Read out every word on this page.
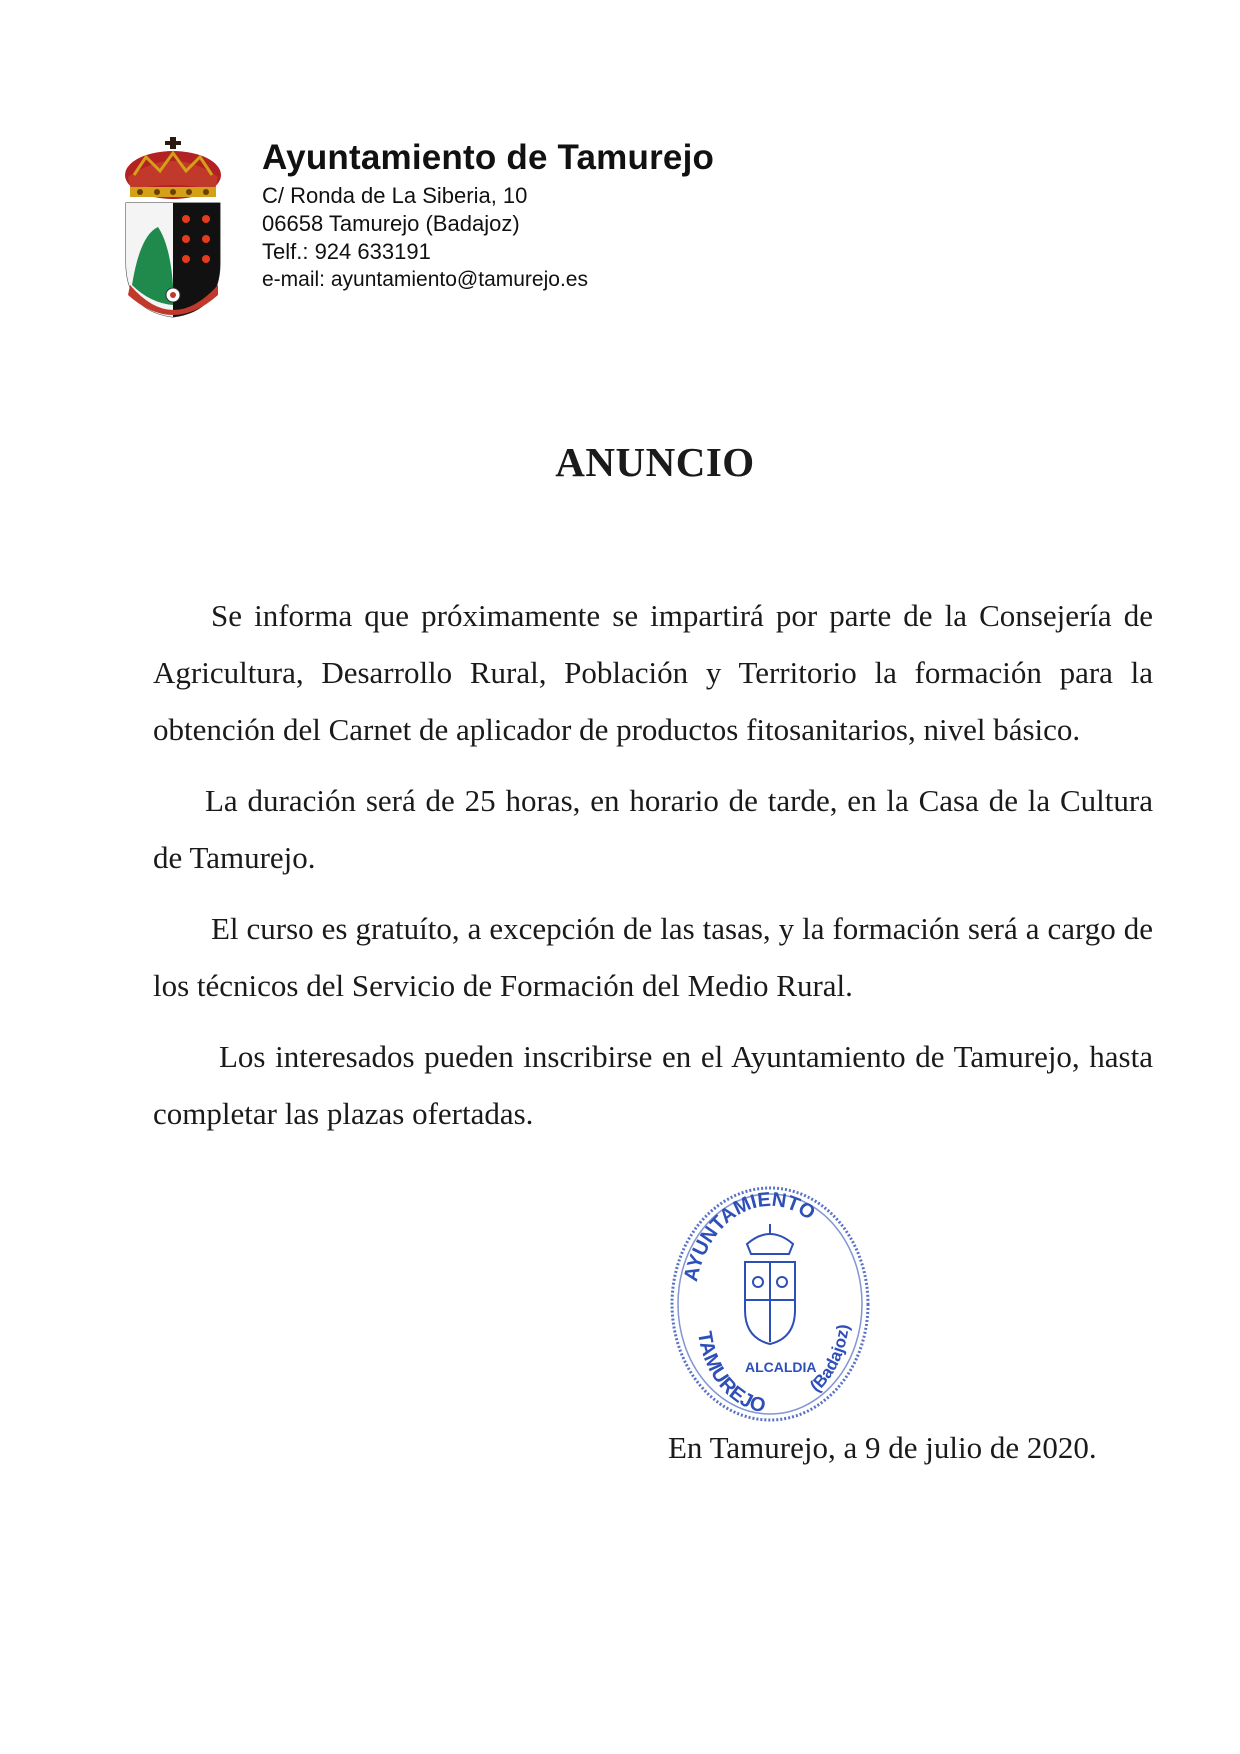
Ayuntamiento de Tamurejo

C/ Ronda de La Siberia, 10

06658 Tamurejo (Badajoz)

Telf.: 924 633191

e-mail: ayuntamiento@tamurejo.es

ANUNCIO

Se informa que próximamente se impartirá por parte de la Consejería de Agricultura, Desarrollo Rural, Población y Territorio la formación para la obtención del Carnet de aplicador de productos fitosanitarios, nivel básico.

La duración será de 25 horas, en horario de tarde, en la Casa de la Cultura de Tamurejo.

El curso es gratuíto, a excepción de las tasas, y la formación será a cargo de los técnicos del Servicio de Formación del Medio Rural.

Los interesados pueden inscribirse en el Ayuntamiento de Tamurejo, hasta completar las plazas ofertadas.

AYUNTAMIENTO
TAMUREJO
(Badajoz)
ALCALDIA

En Tamurejo, a 9 de julio de 2020.
